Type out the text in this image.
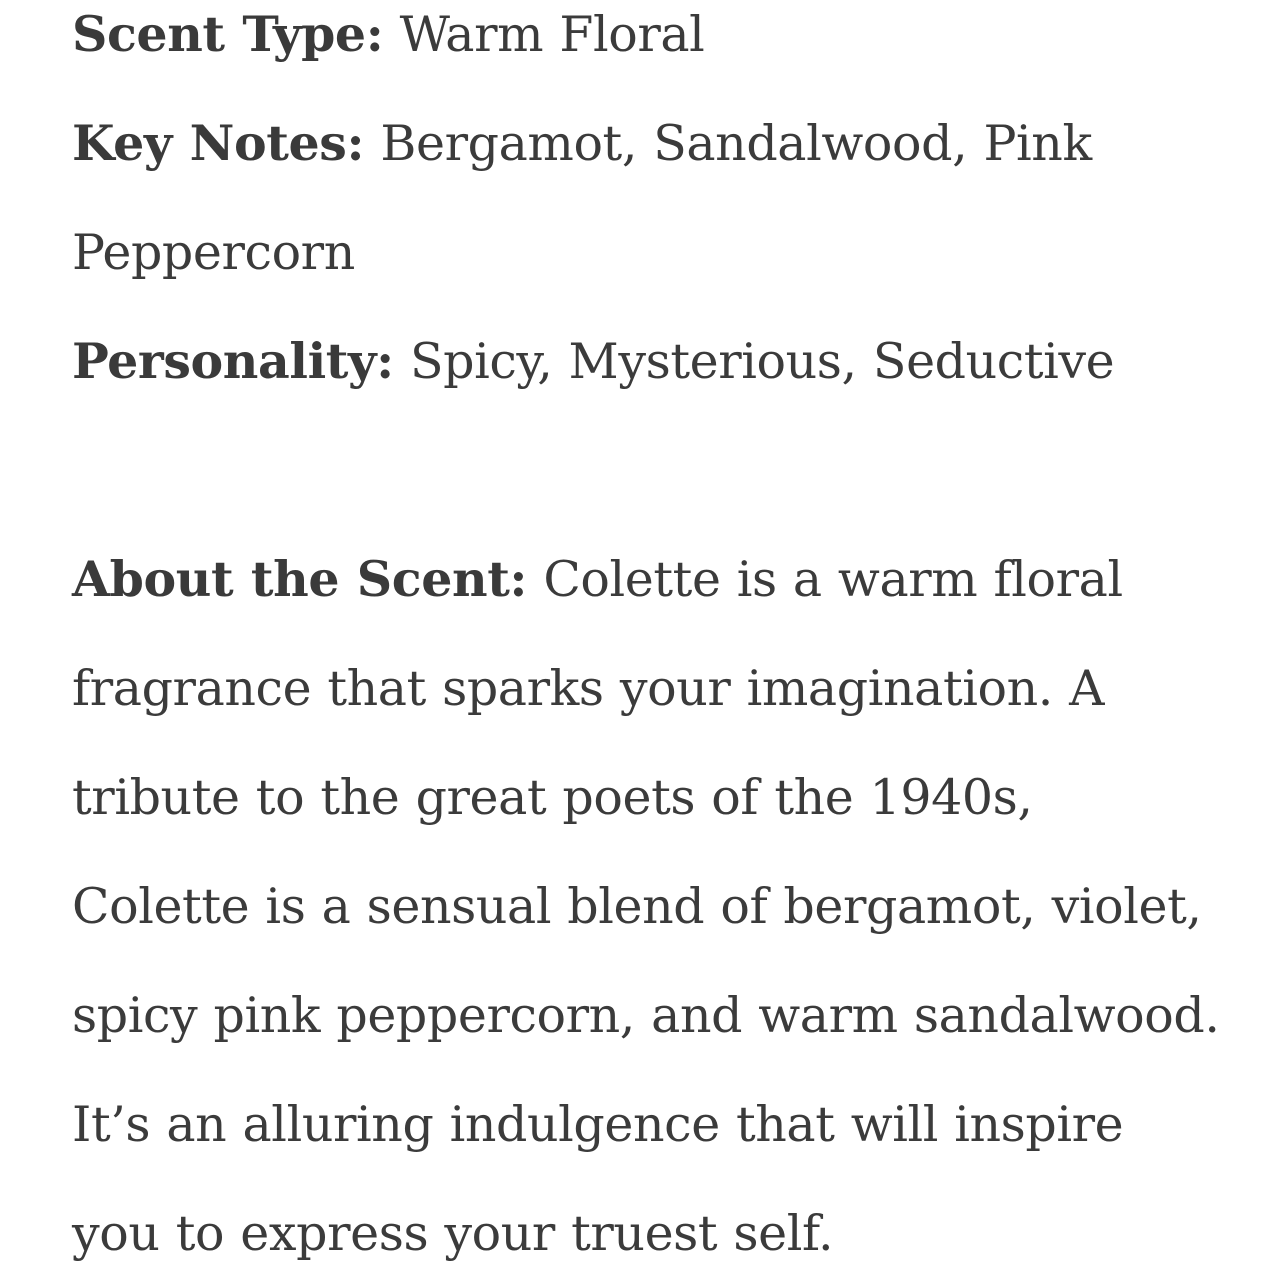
Scent Type: Warm Floral

Key Notes: Bergamot, Sandalwood, Pink Peppercorn

Personality: Spicy, Mysterious, Seductive

About the Scent: Colette is a warm floral fragrance that sparks your imagination. A tribute to the great poets of the 1940s, Colette is a sensual blend of bergamot, violet, spicy pink peppercorn, and warm sandalwood. It’s an alluring indulgence that will inspire you to express your truest self.
